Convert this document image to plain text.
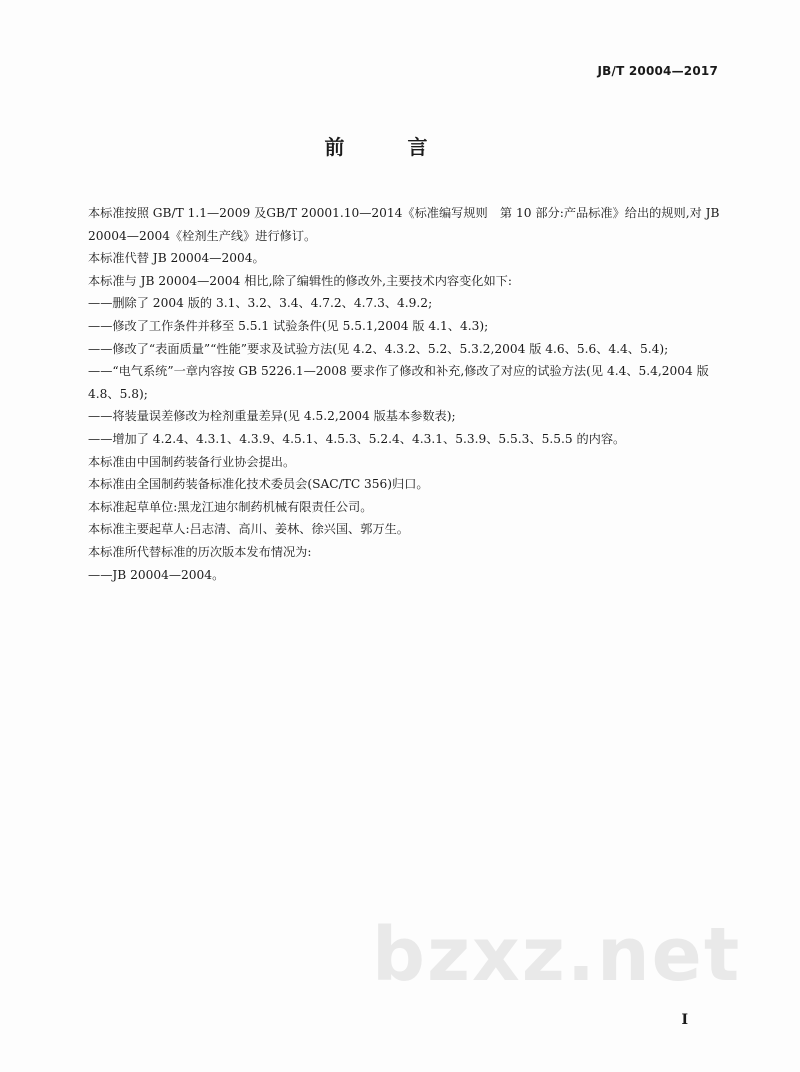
JB/T 20004—2017
前 言

本标准按照 GB/T 1.1—2009 及GB/T 20001.10—2014《标准编写规则　第 10 部分:产品标准》给出的规则,对 JB 20004—2004《栓剂生产线》进行修订。

本标准代替 JB 20004—2004。

本标准与 JB 20004—2004 相比,除了编辑性的修改外,主要技术内容变化如下:

——删除了 2004 版的 3.1、3.2、3.4、4.7.2、4.7.3、4.9.2;

——修改了工作条件并移至 5.5.1 试验条件(见 5.5.1,2004 版 4.1、4.3);

——修改了“表面质量”“性能”要求及试验方法(见 4.2、4.3.2、5.2、5.3.2,2004 版 4.6、5.6、4.4、5.4);

——“电气系统”一章内容按 GB 5226.1—2008 要求作了修改和补充,修改了对应的试验方法(见 4.4、5.4,2004 版 4.8、5.8);

——将装量误差修改为栓剂重量差异(见 4.5.2,2004 版基本参数表);

——增加了 4.2.4、4.3.1、4.3.9、4.5.1、4.5.3、5.2.4、4.3.1、5.3.9、5.5.3、5.5.5 的内容。

本标准由中国制药装备行业协会提出。

本标准由全国制药装备标准化技术委员会(SAC/TC 356)归口。

本标准起草单位:黑龙江迪尔制药机械有限责任公司。

本标准主要起草人:吕志清、高川、姜林、徐兴国、郭万生。

本标准所代替标准的历次版本发布情况为:

——JB 20004—2004。

bzxz.net
I
